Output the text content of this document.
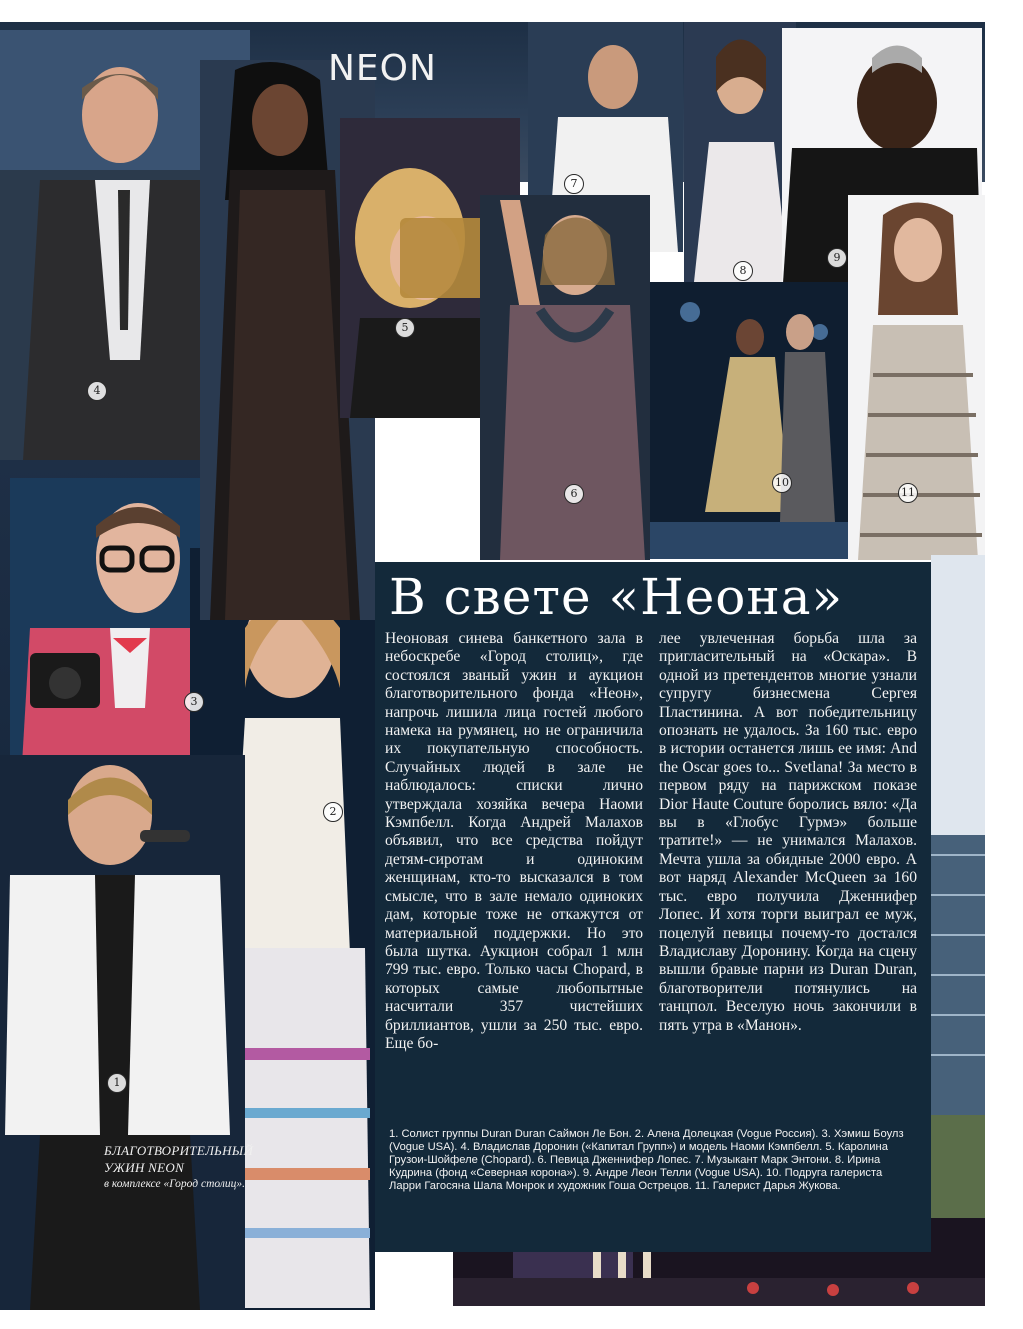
NEON
4
5
7
8
9
6
10
11
3
2
1
БЛАГОТВОРИТЕЛЬНЫЙ
УЖИН NEON
в комплексе «Город столиц».
В свете «Неона»
Неоновая синева банкетного зала в небоскребе «Город столиц», где состоялся званый ужин и аукцион благотворительного фонда «Неон», напрочь лишила лица гостей любого намека на румянец, но не ограничила их покупательную способность. Случайных людей в зале не наблюдалось: списки лично утверждала хозяйка вечера Наоми Кэмпбелл. Когда Андрей Малахов объявил, что все средства пойдут детям-сиротам и одиноким женщинам, кто-то высказался в том смысле, что в зале немало одиноких дам, которые тоже не откажутся от материальной поддержки. Но это была шутка. Аукцион собрал 1 млн 799 тыс. евро. Только часы Chopard, в которых самые любопытные насчитали 357 чистейших бриллиантов, ушли за 250 тыс. евро. Еще бо-
лее увлеченная борьба шла за пригласительный на «Оскара». В одной из претендентов многие узнали супругу бизнесмена Сергея Пластинина. А вот победительницу опознать не удалось. За 160 тыс. евро в истории останется лишь ее имя: And the Oscar goes to... Svetlana! За место в первом ряду на парижском показе Dior Haute Couture боролись вяло: «Да вы в «Глобус Гурмэ» больше тратите!» — не унимался Малахов. Мечта ушла за обидные 2000 евро. А вот наряд Alexander McQueen за 160 тыс. евро получила Дженнифер Лопес. И хотя торги выиграл ее муж, поцелуй певицы почему-то достался Владиславу Доронину. Когда на сцену вышли бравые парни из Duran Duran, благотворители потянулись на танцпол. Веселую ночь закончили в пять утра в «Манон».
1. Солист группы Duran Duran Саймон Ле Бон. 2. Алена Долецкая (Vogue Россия). 3. Хэмиш Боулз (Vogue USA). 4. Владислав Доронин («Капитал Групп») и модель Наоми Кэмпбелл. 5. Каролина Грузои-Шойфеле (Chopard). 6. Певица Дженнифер Лопес. 7. Музыкант Марк Энтони. 8. Ирина Кудрина (фонд «Северная корона»). 9. Андре Леон Телли (Vogue USA). 10. Подруга галериста Ларри Гагосяна Шала Монрок и художник Гоша Острецов. 11. Галерист Дарья Жукова.
